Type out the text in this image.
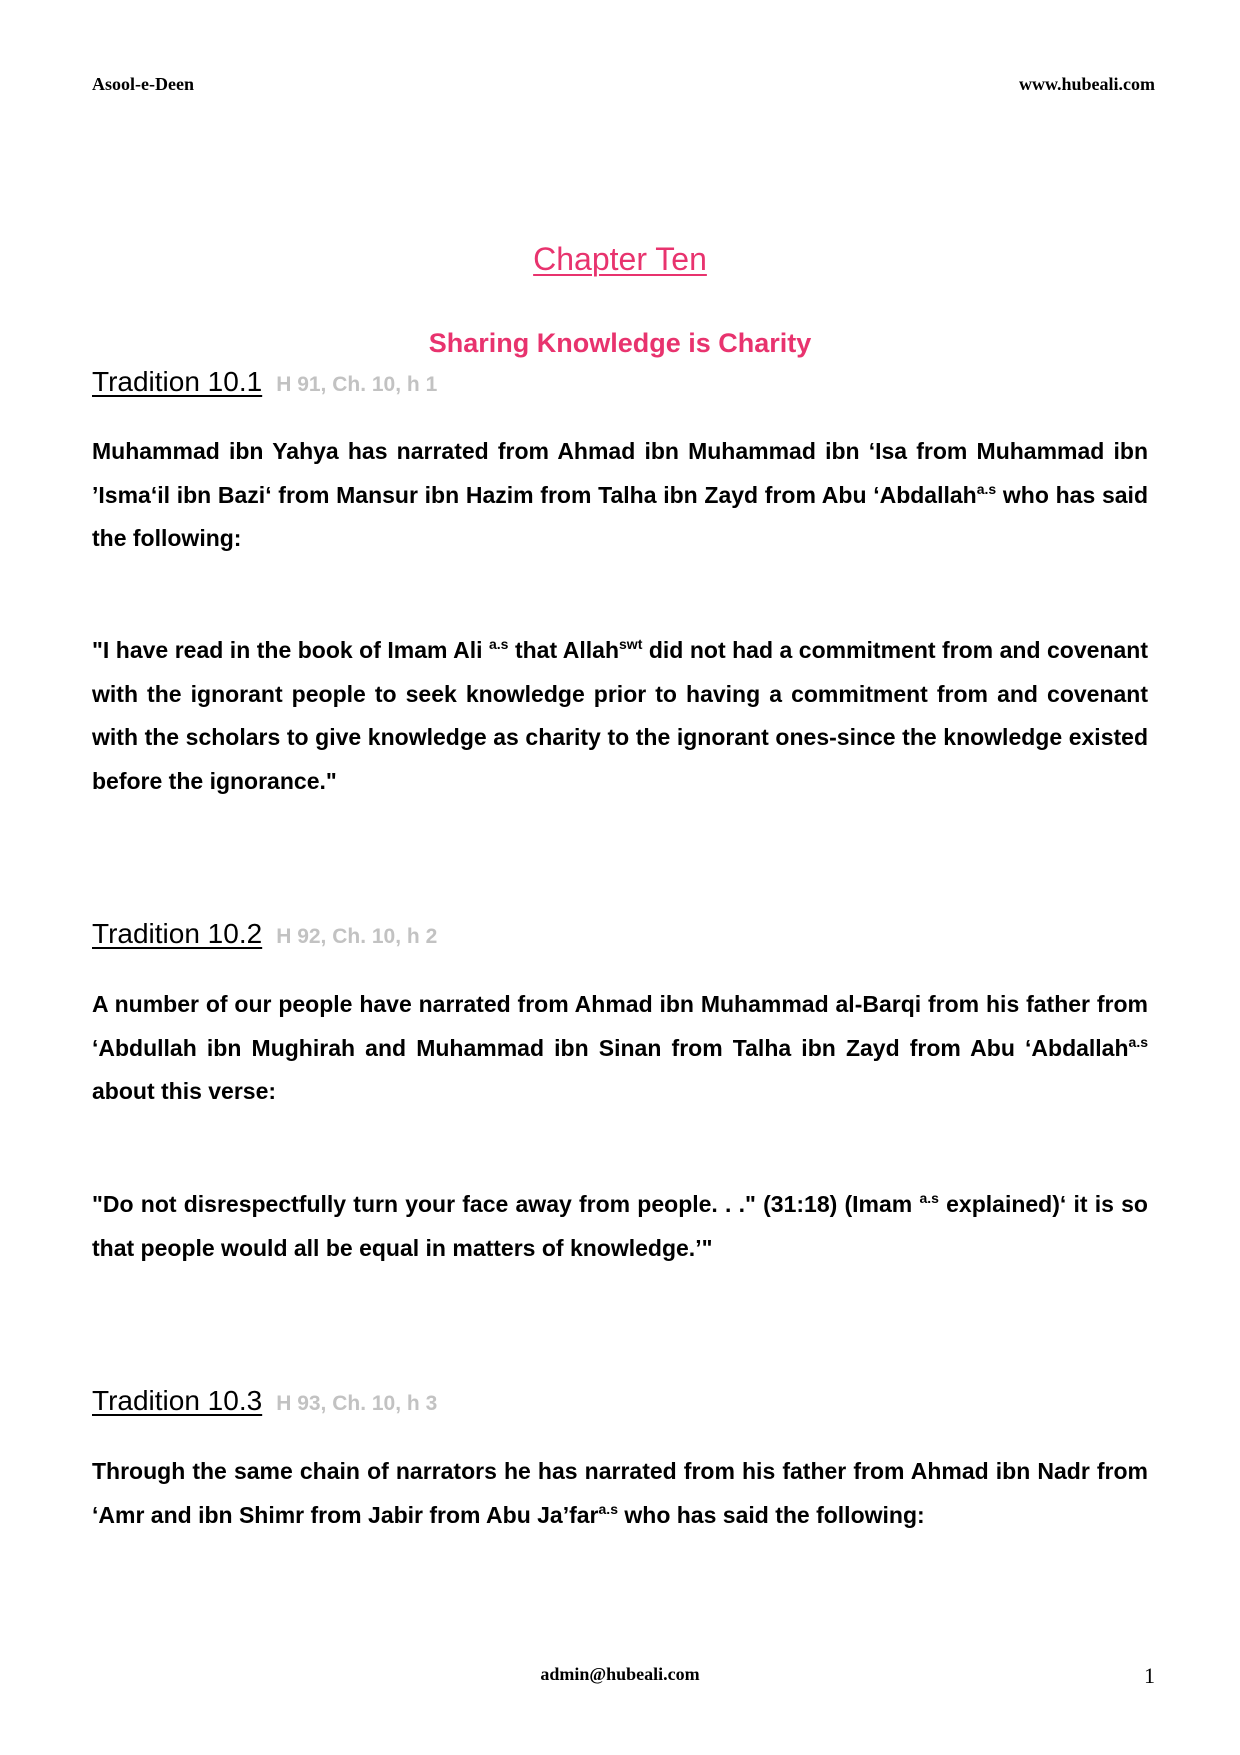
Asool-e-Deen	www.hubeali.com
Chapter Ten
Sharing Knowledge is Charity
Tradition 10.1 H 91, Ch. 10, h 1

Muhammad ibn Yahya has narrated from Ahmad ibn Muhammad ibn ‘Isa from Muhammad ibn ’Isma‘il ibn Bazi‘ from Mansur ibn Hazim from Talha ibn Zayd from Abu ‘Abdallah$^{a.s}$ who has said the following:

"I have read in the book of Imam Ali $^{a.s}$ that Allah$^{swt}$ did not had a commitment from and covenant with the ignorant people to seek knowledge prior to having a commitment from and covenant with the scholars to give knowledge as charity to the ignorant ones-since the knowledge existed before the ignorance."

Tradition 10.2 H 92, Ch. 10, h 2

A number of our people have narrated from Ahmad ibn Muhammad al-Barqi from his father from ‘Abdullah ibn Mughirah and Muhammad ibn Sinan from Talha ibn Zayd from Abu ‘Abdallah$^{a.s}$ about this verse:

"Do not disrespectfully turn your face away from people. . ." (31:18) (Imam $^{a.s}$ explained)‘ it is so that people would all be equal in matters of knowledge.’"

Tradition 10.3 H 93, Ch. 10, h 3

Through the same chain of narrators he has narrated from his father from Ahmad ibn Nadr from ‘Amr and ibn Shimr from Jabir from Abu Ja’far$^{a.s}$ who has said the following:

admin@hubeali.com	1
